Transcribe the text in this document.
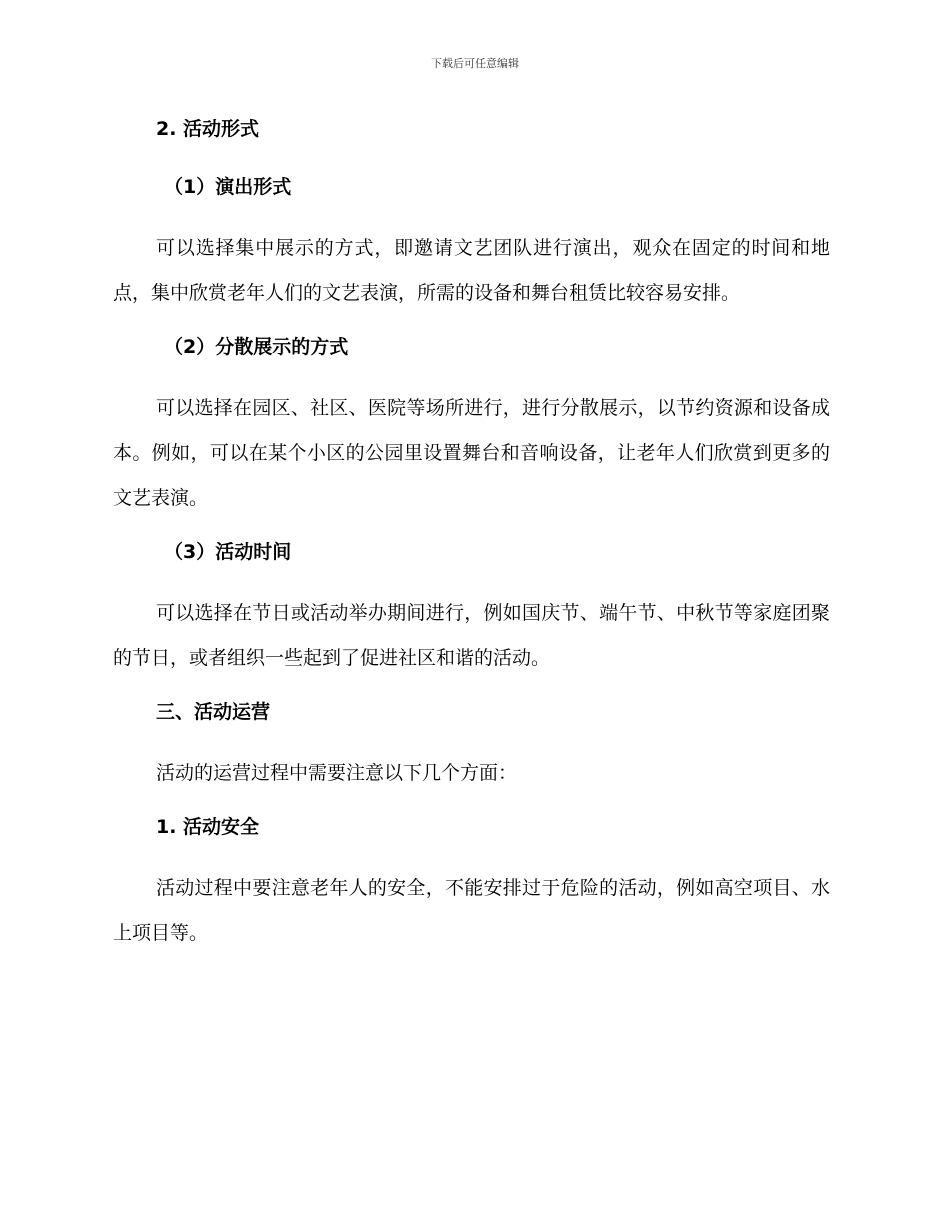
下载后可任意编辑
2. 活动形式
（1）演出形式

可以选择集中展示的方式，即邀请文艺团队进行演出，观众在固定的时间和地点，集中欣赏老年人们的文艺表演，所需的设备和舞台租赁比较容易安排。

（2）分散展示的方式

可以选择在园区、社区、医院等场所进行，进行分散展示，以节约资源和设备成本。例如，可以在某个小区的公园里设置舞台和音响设备，让老年人们欣赏到更多的文艺表演。

（3）活动时间

可以选择在节日或活动举办期间进行，例如国庆节、端午节、中秋节等家庭团聚的节日，或者组织一些起到了促进社区和谐的活动。

三、活动运营

活动的运营过程中需要注意以下几个方面：

1. 活动安全

活动过程中要注意老年人的安全，不能安排过于危险的活动，例如高空项目、水上项目等。
